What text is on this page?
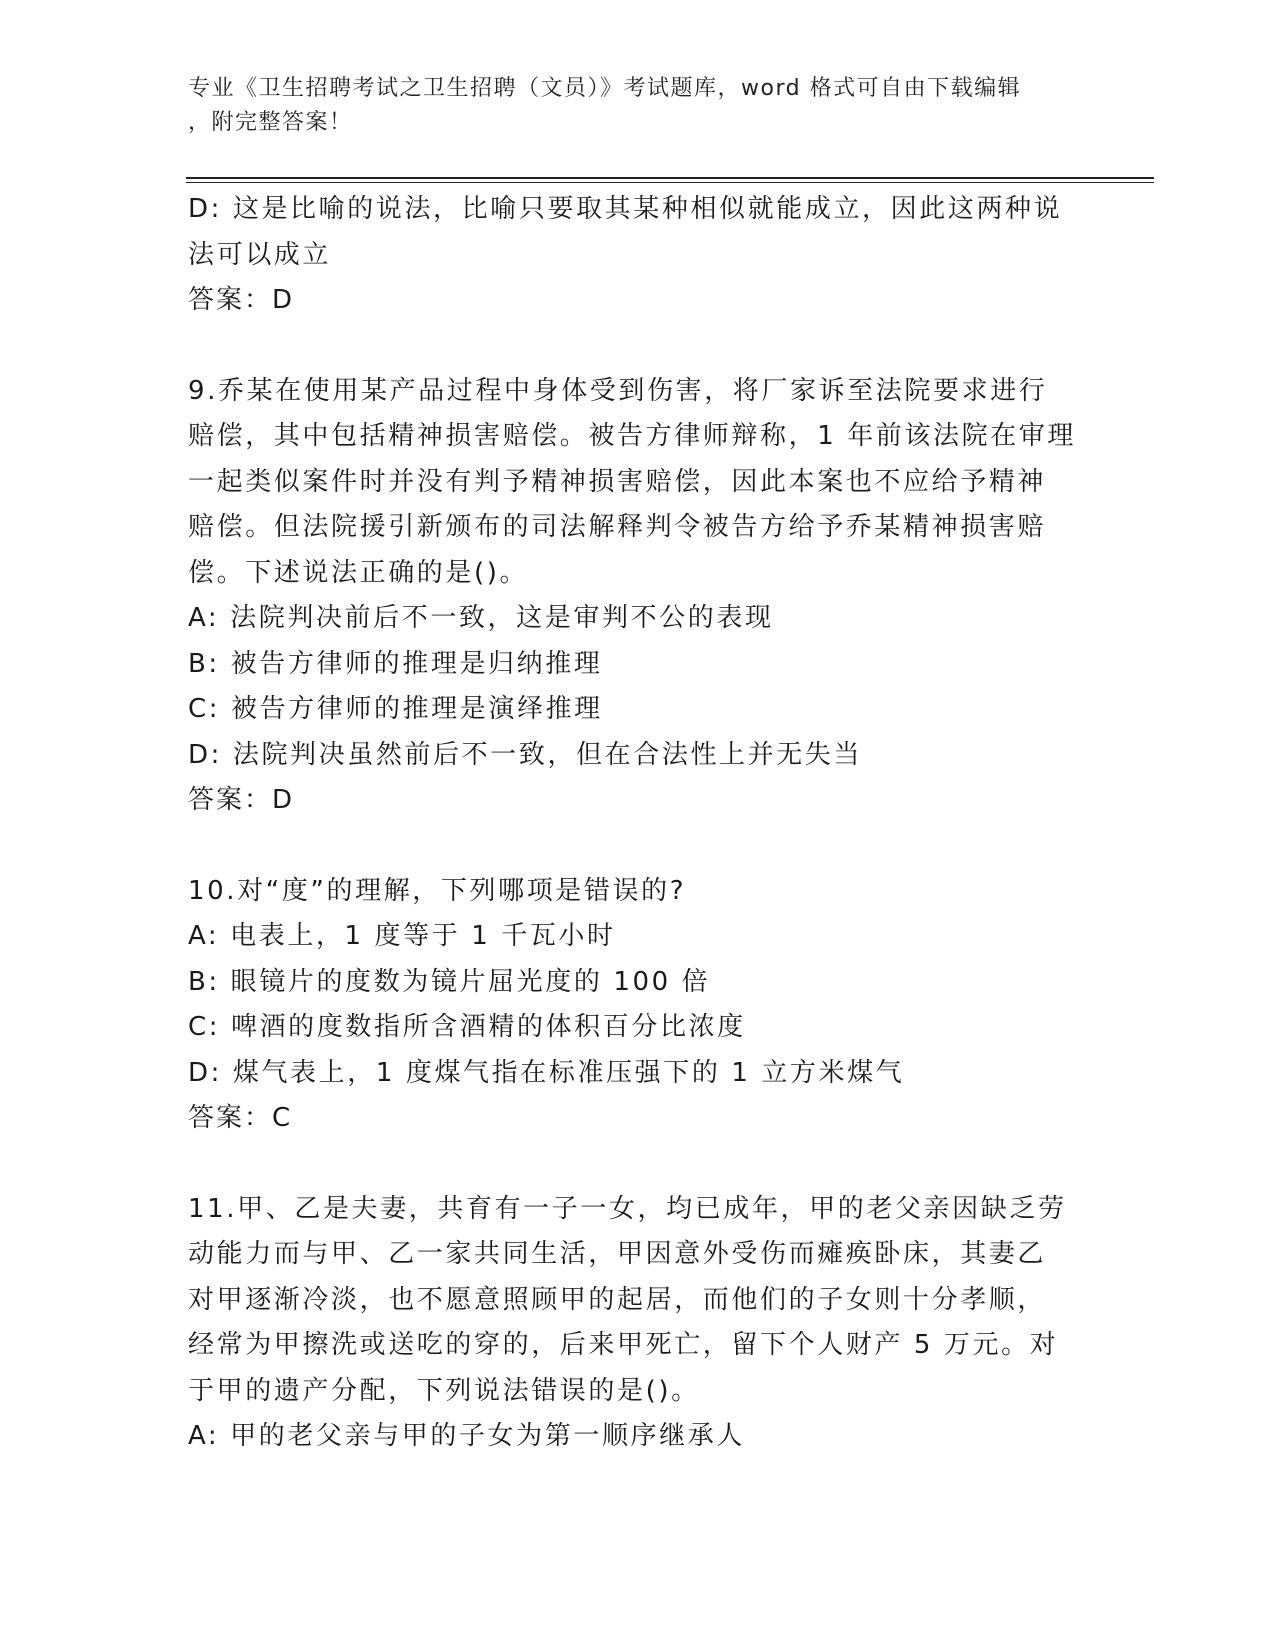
专业《卫生招聘考试之卫生招聘（文员）》考试题库，word 格式可自由下载编辑
，附完整答案！
D: 这是比喻的说法，比喻只要取其某种相似就能成立，因此这两种说
法可以成立
答案：D
9.乔某在使用某产品过程中身体受到伤害，将厂家诉至法院要求进行
赔偿，其中包括精神损害赔偿。被告方律师辩称，1 年前该法院在审理
一起类似案件时并没有判予精神损害赔偿，因此本案也不应给予精神
赔偿。但法院援引新颁布的司法解释判令被告方给予乔某精神损害赔
偿。下述说法正确的是()。
A: 法院判决前后不一致，这是审判不公的表现
B: 被告方律师的推理是归纳推理
C: 被告方律师的推理是演绎推理
D: 法院判决虽然前后不一致，但在合法性上并无失当
答案：D
10.对“度”的理解，下列哪项是错误的?
A: 电表上，1 度等于 1 千瓦小时
B: 眼镜片的度数为镜片屈光度的 100 倍
C: 啤酒的度数指所含酒精的体积百分比浓度
D: 煤气表上，1 度煤气指在标准压强下的 1 立方米煤气
答案：C
11.甲、乙是夫妻，共育有一子一女，均已成年，甲的老父亲因缺乏劳
动能力而与甲、乙一家共同生活，甲因意外受伤而瘫痪卧床，其妻乙
对甲逐渐冷淡，也不愿意照顾甲的起居，而他们的子女则十分孝顺，
经常为甲擦洗或送吃的穿的，后来甲死亡，留下个人财产 5 万元。对
于甲的遗产分配，下列说法错误的是()。
A: 甲的老父亲与甲的子女为第一顺序继承人
